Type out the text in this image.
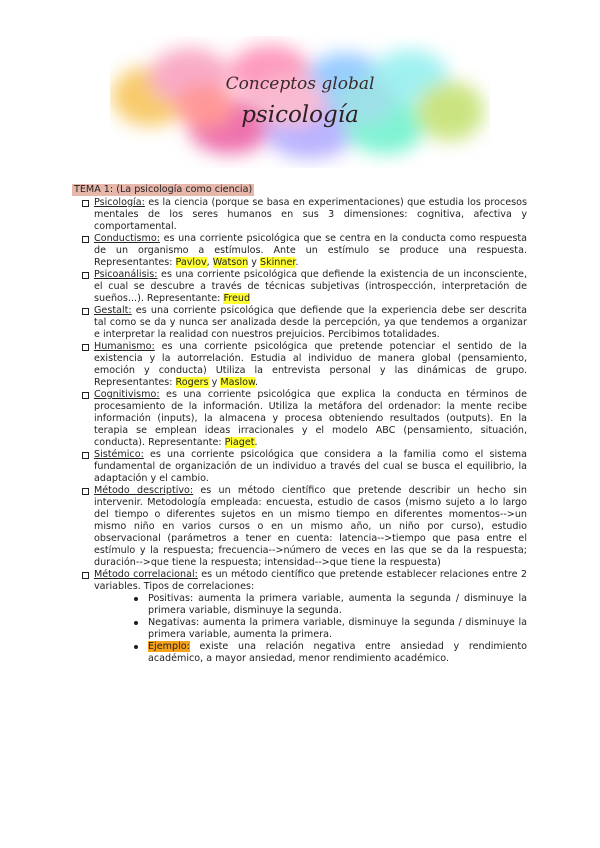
Conceptos global
psicología
TEMA 1: (La psicología como ciencia)
Psicología: es la ciencia (porque se basa en experimentaciones) que estudia los procesos mentales de los seres humanos en sus 3 dimensiones: cognitiva, afectiva y comportamental.
Conductismo: es una corriente psicológica que se centra en la conducta como respuesta de un organismo a estímulos. Ante un estímulo se produce una respuesta. Representantes: Pavlov, Watson y Skinner.
Psicoanálisis: es una corriente psicológica que defiende la existencia de un inconsciente, el cual se descubre a través de técnicas subjetivas (introspección, interpretación de sueños...). Representante: Freud
Gestalt: es una corriente psicológica que defiende que la experiencia debe ser descrita tal como se da y nunca ser analizada desde la percepción, ya que tendemos a organizar e interpretar la realidad con nuestros prejuicios. Percibimos totalidades.
Humanismo: es una corriente psicológica que pretende potenciar el sentido de la existencia y la autorrelación. Estudia al individuo de manera global (pensamiento, emoción y conducta) Utiliza la entrevista personal y las dinámicas de grupo. Representantes: Rogers y Maslow.
Cognitivismo: es una corriente psicológica que explica la conducta en términos de procesamiento de la información. Utiliza la metáfora del ordenador: la mente recibe información (inputs), la almacena y procesa obteniendo resultados (outputs). En la terapia se emplean ideas irracionales y el modelo ABC (pensamiento, situación, conducta). Representante: Piaget.
Sistémico: es una corriente psicológica que considera a la familia como el sistema fundamental de organización de un individuo a través del cual se busca el equilibrio, la adaptación y el cambio.
Método descriptivo: es un método científico que pretende describir un hecho sin intervenir. Metodología empleada: encuesta, estudio de casos (mismo sujeto a lo largo del tiempo o diferentes sujetos en un mismo tiempo en diferentes momentos-->un mismo niño en varios cursos o en un mismo año, un niño por curso), estudio observacional (parámetros a tener en cuenta: latencia-->tiempo que pasa entre el estímulo y la respuesta; frecuencia-->número de veces en las que se da la respuesta; duración-->que tiene la respuesta; intensidad-->que tiene la respuesta)
Método correlacional: es un método científico que pretende establecer relaciones entre 2 variables. Tipos de correlaciones:
Positivas: aumenta la primera variable, aumenta la segunda / disminuye la primera variable, disminuye la segunda.
Negativas: aumenta la primera variable, disminuye la segunda / disminuye la primera variable, aumenta la primera.
Ejemplo: existe una relación negativa entre ansiedad y rendimiento académico, a mayor ansiedad, menor rendimiento académico.
